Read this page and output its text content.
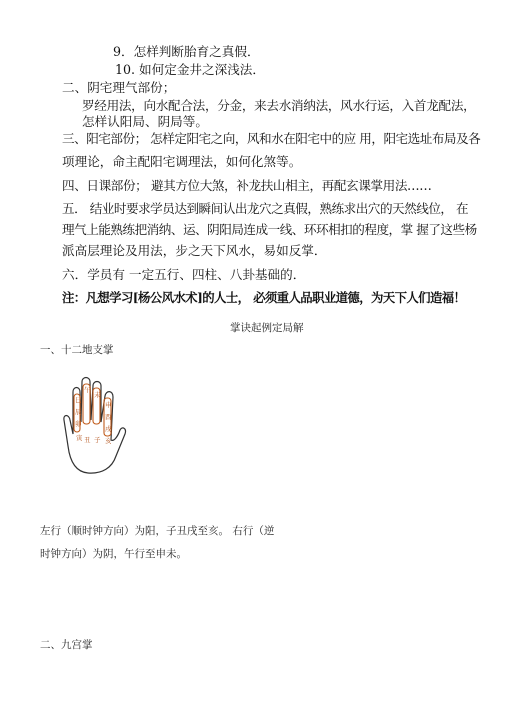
9．怎样判断胎育之真假．
10. 如何定金井之深浅法．
二、阴宅理气部份；
罗经用法，向水配合法，分金，来去水消纳法，风水行运，入首龙配法，
怎样认阳局、阴局等。
三、阳宅部份； 怎样定阳宅之向，风和水在阳宅中的应 用，阳宅选址布局及各
项理论，命主配阳宅调理法，如何化煞等。
四、日课部份； 避其方位大煞，补龙扶山相主，再配玄课掌用法……
五． 结业时要求学员达到瞬间认出龙穴之真假，熟练求出穴的天然线位， 在
理气上能熟练把消纳、运、阴阳局连成一线、环环相扣的程度，掌 握了这些杨
派高层理论及用法，步之天下风水，易如反掌．
六．学员有 一定五行、四柱、八卦基础的．
注：凡想学习[杨公风水术]的人士， 必须重人品职业道德，为天下人们造福！
掌诀起例定局解
一、十二地支掌
午
巳
未
辰
申
卯
酉
寅
戌
丑 子 亥
左行（顺时钟方向）为阳，子丑戌至亥。 右行（逆
时钟方向）为阴，午行至申未。
二、九宫掌
